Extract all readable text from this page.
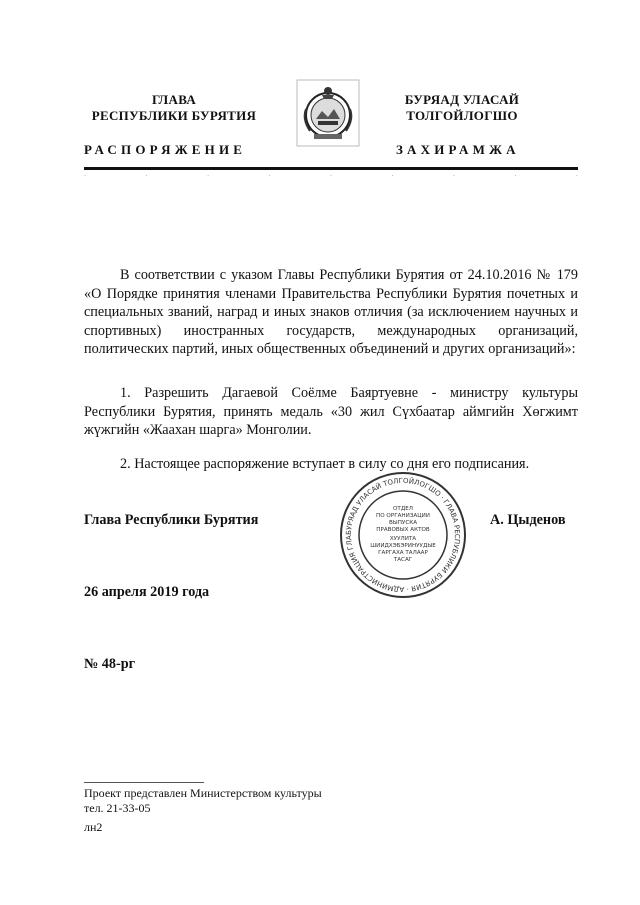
ГЛАВА
РЕСПУБЛИКИ БУРЯТИЯ
РАСПОРЯЖЕНИЕ
БУРЯАД УЛАСАЙ
ТОЛГОЙЛОГШО
ЗАХИРАМЖА
·	·	·	·	·	·	·	·	·
В соответствии с указом Главы Республики Бурятия от 24.10.2016 № 179 «О Порядке принятия членами Правительства Республики Бурятия почетных и специальных званий, наград и иных знаков отличия (за исключением научных и спортивных) иностранных государств, международных организаций, политических партий, иных общественных объединений и других организаций»:
1. Разрешить Дагаевой Соёлме Баяртуевне - министру культуры Республики Бурятия, принять медаль «30 жил Сүхбаатар аймгийн Хөгжимт жүжгийн «Жаахан шарга» Монголии.
2. Настоящее распоряжение вступает в силу со дня его подписания.
Глава Республики Бурятия	А. Цыденов
БУРЯАД УЛАСАЙ ТОЛГОЙЛОГШО · ГЛАВА РЕСПУБЛИКИ БУРЯТИЯ · АДМИНИСТРАЦИЯ ГЛА
ОТДЕЛ
ПО ОРГАНИЗАЦИИ
ВЫПУСКА
ПРАВОВЫХ АКТОВ
ХУУЛИТА
ШИИДХЭБЭРИНУУДЫЕ
ГАРГАХА ТАЛААР
ТАСАГ
26 апреля 2019 года
№ 48-рг
Проект представлен Министерством культуры
тел. 21-33-05
лн2
